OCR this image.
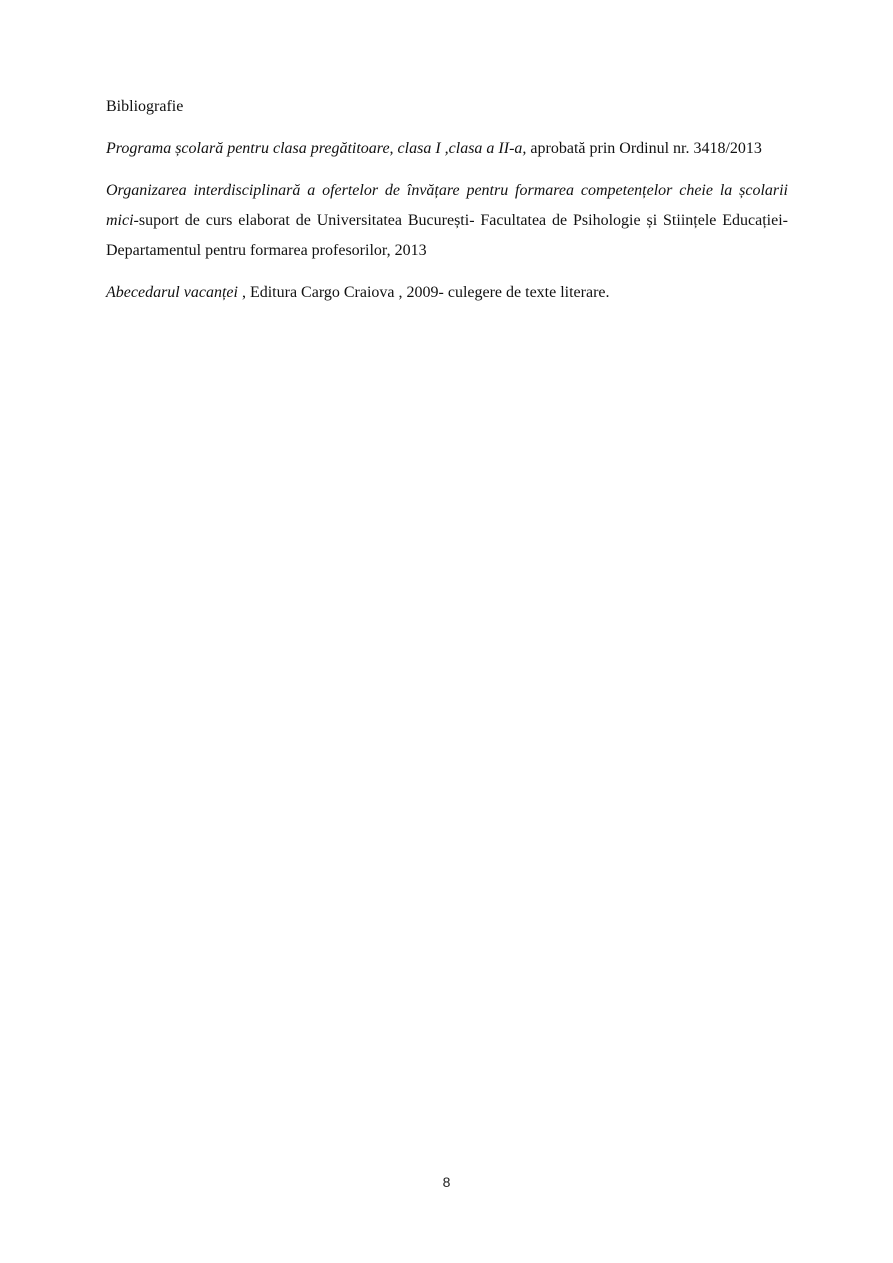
Bibliografie

Programa școlară pentru clasa pregătitoare, clasa I ,clasa a II-a, aprobată prin Ordinul nr. 3418/2013

Organizarea interdisciplinară a ofertelor de învățare pentru formarea competențelor cheie la școlarii mici-suport de curs elaborat de Universitatea București- Facultatea de Psihologie și Stiințele Educației-Departamentul pentru formarea profesorilor, 2013

Abecedarul vacanței , Editura Cargo Craiova , 2009- culegere de texte literare.

8
